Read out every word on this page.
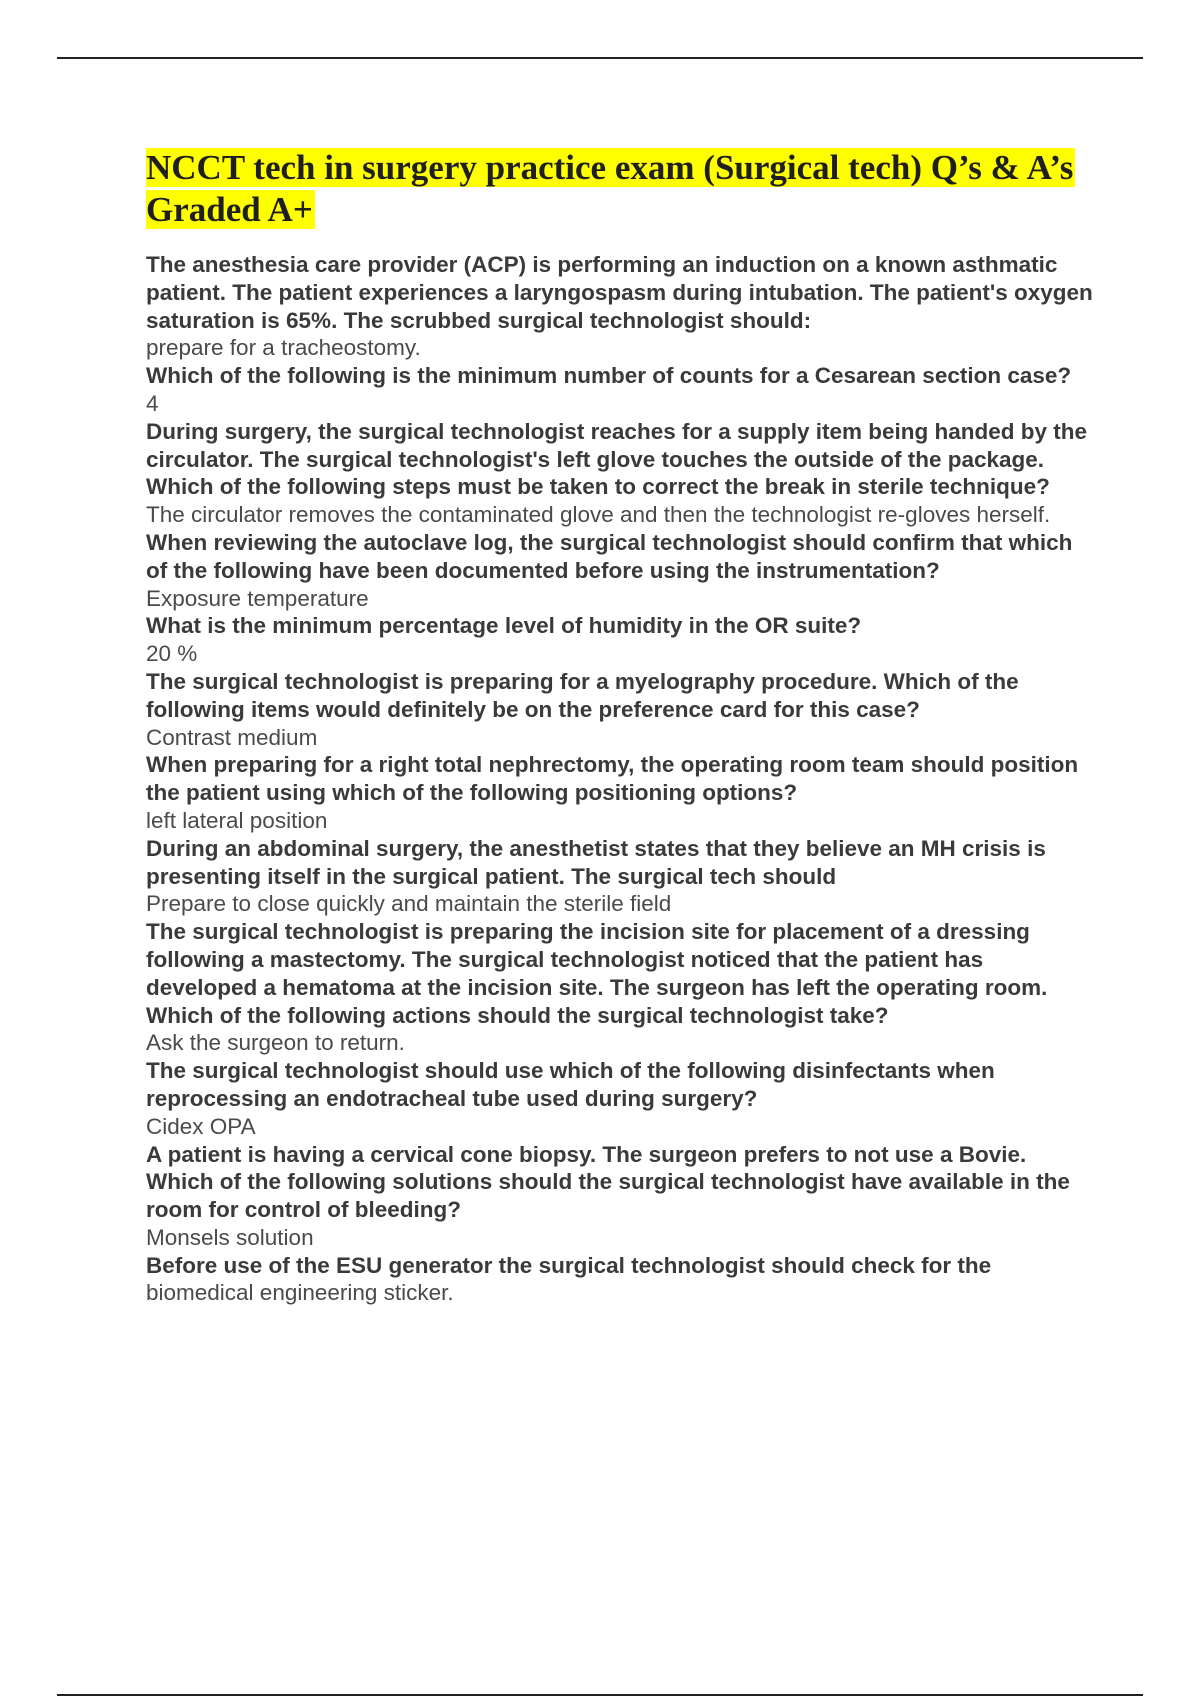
NCCT tech in surgery practice exam (Surgical tech) Q’s & A’s Graded A+

The anesthesia care provider (ACP) is performing an induction on a known asthmatic patient. The patient experiences a laryngospasm during intubation. The patient's oxygen saturation is 65%. The scrubbed surgical technologist should:

prepare for a tracheostomy.

Which of the following is the minimum number of counts for a Cesarean section case?

4

During surgery, the surgical technologist reaches for a supply item being handed by the circulator. The surgical technologist's left glove touches the outside of the package. Which of the following steps must be taken to correct the break in sterile technique?

The circulator removes the contaminated glove and then the technologist re-gloves herself.

When reviewing the autoclave log, the surgical technologist should confirm that which of the following have been documented before using the instrumentation?

Exposure temperature

What is the minimum percentage level of humidity in the OR suite?

20 %

The surgical technologist is preparing for a myelography procedure. Which of the following items would definitely be on the preference card for this case?

Contrast medium

When preparing for a right total nephrectomy, the operating room team should position the patient using which of the following positioning options?

left lateral position

During an abdominal surgery, the anesthetist states that they believe an MH crisis is presenting itself in the surgical patient. The surgical tech should

Prepare to close quickly and maintain the sterile field

The surgical technologist is preparing the incision site for placement of a dressing following a mastectomy. The surgical technologist noticed that the patient has developed a hematoma at the incision site. The surgeon has left the operating room. Which of the following actions should the surgical technologist take?

Ask the surgeon to return.

The surgical technologist should use which of the following disinfectants when reprocessing an endotracheal tube used during surgery?

Cidex OPA

A patient is having a cervical cone biopsy. The surgeon prefers to not use a Bovie. Which of the following solutions should the surgical technologist have available in the room for control of bleeding?

Monsels solution

Before use of the ESU generator the surgical technologist should check for the

biomedical engineering sticker.
